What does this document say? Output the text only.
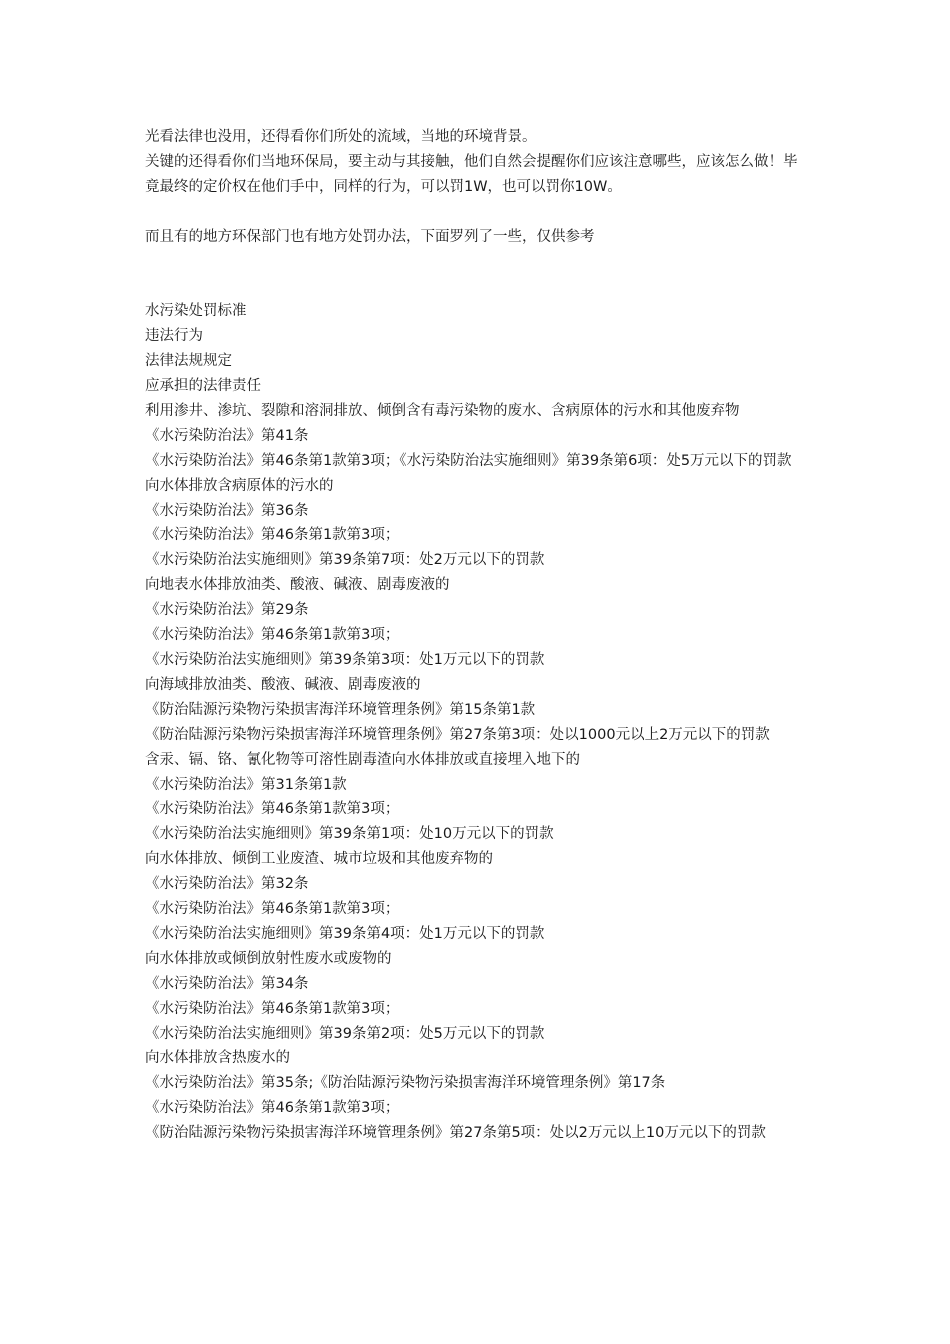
光看法律也没用，还得看你们所处的流域，当地的环境背景。
关键的还得看你们当地环保局，要主动与其接触，他们自然会提醒你们应该注意哪些，应该怎么做！毕竟最终的定价权在他们手中，同样的行为，可以罚1W，也可以罚你10W。
而且有的地方环保部门也有地方处罚办法，下面罗列了一些，仅供参考
水污染处罚标准
违法行为
法律法规规定
应承担的法律责任
利用渗井、渗坑、裂隙和溶洞排放、倾倒含有毒污染物的废水、含病原体的污水和其他废弃物
《水污染防治法》第41条
《水污染防治法》第46条第1款第3项；《水污染防治法实施细则》第39条第6项：处5万元以下的罚款
向水体排放含病原体的污水的
《水污染防治法》第36条
《水污染防治法》第46条第1款第3项；
《水污染防治法实施细则》第39条第7项：处2万元以下的罚款
向地表水体排放油类、酸液、碱液、剧毒废液的
《水污染防治法》第29条
《水污染防治法》第46条第1款第3项；
《水污染防治法实施细则》第39条第3项：处1万元以下的罚款
向海域排放油类、酸液、碱液、剧毒废液的
《防治陆源污染物污染损害海洋环境管理条例》第15条第1款
《防治陆源污染物污染损害海洋环境管理条例》第27条第3项：处以1000元以上2万元以下的罚款
含汞、镉、铬、氰化物等可溶性剧毒渣向水体排放或直接埋入地下的
《水污染防治法》第31条第1款
《水污染防治法》第46条第1款第3项；
《水污染防治法实施细则》第39条第1项：处10万元以下的罚款
向水体排放、倾倒工业废渣、城市垃圾和其他废弃物的
《水污染防治法》第32条
《水污染防治法》第46条第1款第3项；
《水污染防治法实施细则》第39条第4项：处1万元以下的罚款
向水体排放或倾倒放射性废水或废物的
《水污染防治法》第34条
《水污染防治法》第46条第1款第3项；
《水污染防治法实施细则》第39条第2项：处5万元以下的罚款
向水体排放含热废水的
《水污染防治法》第35条;《防治陆源污染物污染损害海洋环境管理条例》第17条
《水污染防治法》第46条第1款第3项；
《防治陆源污染物污染损害海洋环境管理条例》第27条第5项：处以2万元以上10万元以下的罚款
